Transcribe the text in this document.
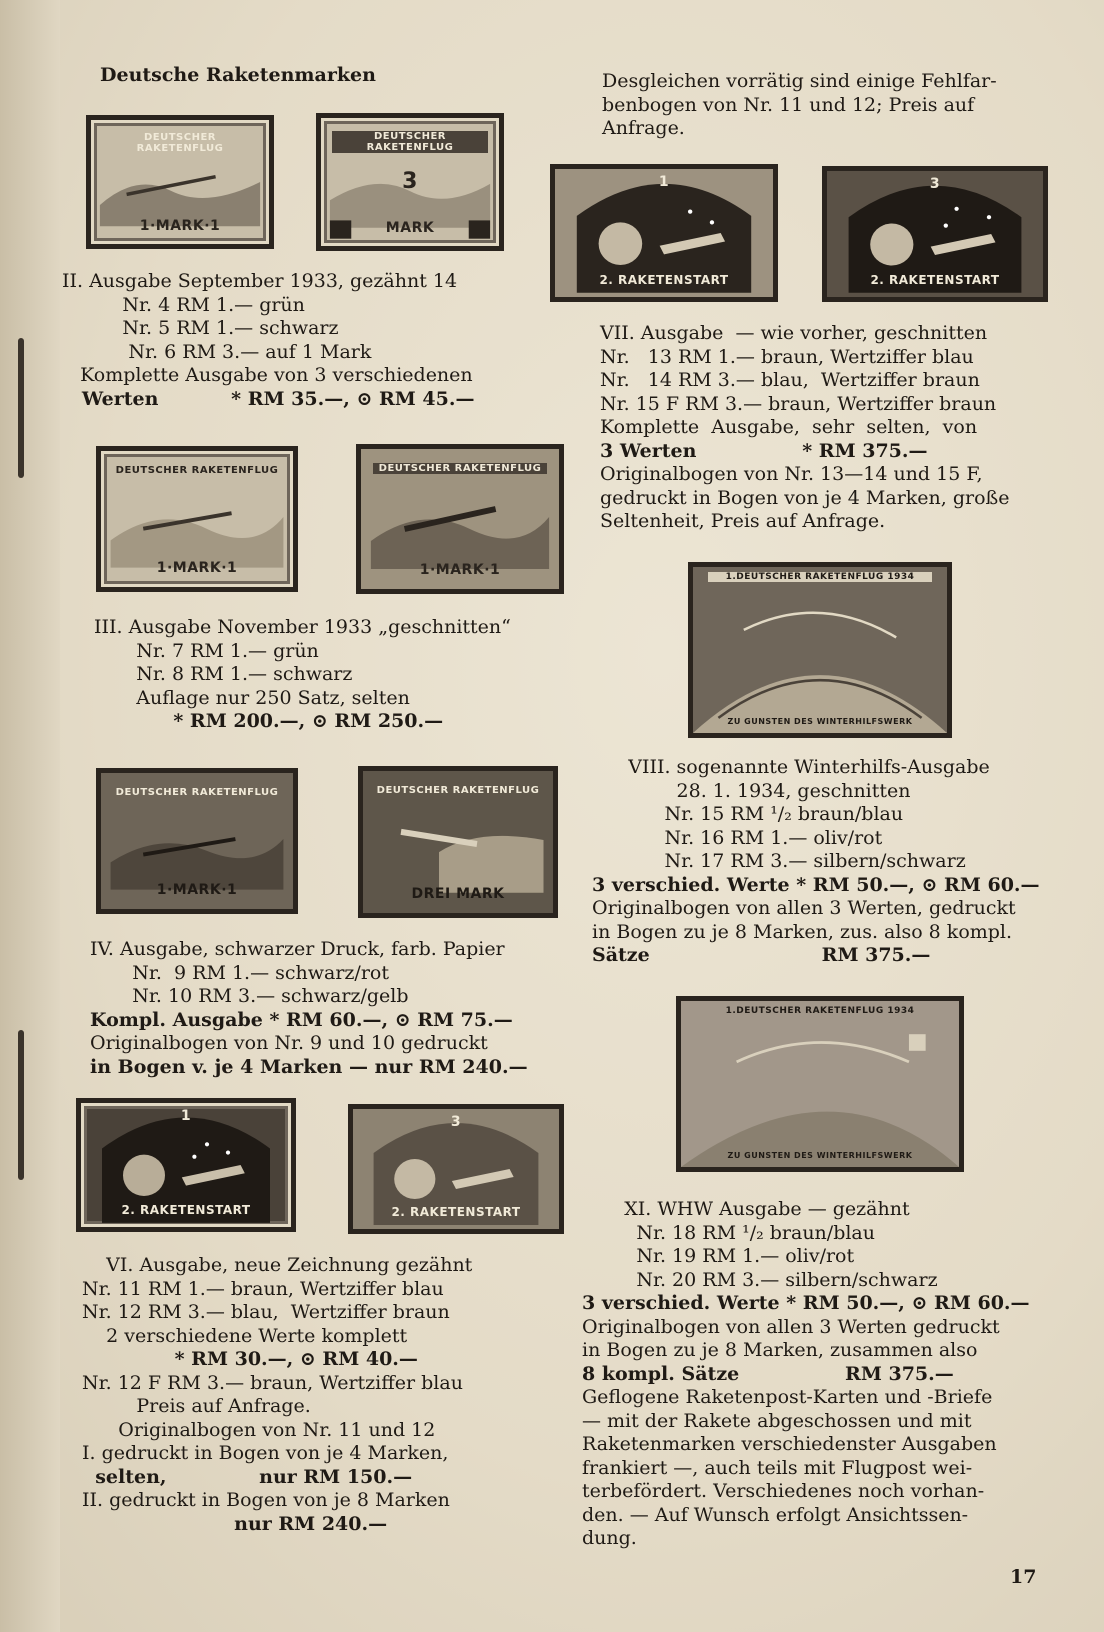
Deutsche Raketenmarken
DEUTSCHER RAKETENFLUG
1·MARK·1
DEUTSCHER RAKETENFLUG
3
MARK
DEUTSCHER RAKETENFLUG
1·MARK·1
DEUTSCHER RAKETENFLUG
1·MARK·1
DEUTSCHER RAKETENFLUG
1·MARK·1
DEUTSCHER RAKETENFLUG
DREI MARK
1
2. RAKETENSTART
3
2. RAKETENSTART
1
2. RAKETENSTART
3
2. RAKETENSTART
1.DEUTSCHER RAKETENFLUG 1934
ZU GUNSTEN DES WINTERHILFSWERK
1.DEUTSCHER RAKETENFLUG 1934
ZU GUNSTEN DES WINTERHILFSWERK
II. Ausgabe September 1933, gezähnt 14
Nr. 4 RM 1.— grün
Nr. 5 RM 1.— schwarz
Nr. 6 RM 3.— auf 1 Mark
Komplette Ausgabe von 3 verschiedenen
Werten           * RM 35.—, ⊙ RM 45.—
III. Ausgabe November 1933 „geschnitten“
Nr. 7 RM 1.— grün
Nr. 8 RM 1.— schwarz
Auflage nur 250 Satz, selten
* RM 200.—, ⊙ RM 250.—
IV. Ausgabe, schwarzer Druck, farb. Papier
Nr.  9 RM 1.— schwarz/rot
Nr. 10 RM 3.— schwarz/gelb
Kompl. Ausgabe * RM 60.—, ⊙ RM 75.—
Originalbogen von Nr. 9 und 10 gedruckt
in Bogen v. je 4 Marken — nur RM 240.—
VI. Ausgabe, neue Zeichnung gezähnt
Nr. 11 RM 1.— braun, Wertziffer blau
Nr. 12 RM 3.— blau,  Wertziffer braun
2 verschiedene Werte komplett
* RM 30.—, ⊙ RM 40.—
Nr. 12 F RM 3.— braun, Wertziffer blau
Preis auf Anfrage.
Originalbogen von Nr. 11 und 12
I. gedruckt in Bogen von je 4 Marken,
selten,              nur RM 150.—
II. gedruckt in Bogen von je 8 Marken
nur RM 240.—
Desgleichen vorrätig sind einige Fehlfar-
benbogen von Nr. 11 und 12; Preis auf
Anfrage.
VII. Ausgabe  — wie vorher, geschnitten
Nr.   13 RM 1.— braun, Wertziffer blau
Nr.   14 RM 3.— blau,  Wertziffer braun
Nr. 15 F RM 3.— braun, Wertziffer braun
Komplette  Ausgabe,  sehr  selten,  von
3 Werten                * RM 375.—
Originalbogen von Nr. 13—14 und 15 F,
gedruckt in Bogen von je 4 Marken, große
Seltenheit, Preis auf Anfrage.
VIII. sogenannte Winterhilfs-Ausgabe
28. 1. 1934, geschnitten
Nr. 15 RM ¹/₂ braun/blau
Nr. 16 RM 1.— oliv/rot
Nr. 17 RM 3.— silbern/schwarz
3 verschied. Werte * RM 50.—, ⊙ RM 60.—
Originalbogen von allen 3 Werten, gedruckt
in Bogen zu je 8 Marken, zus. also 8 kompl.
Sätze                          RM 375.—
XI. WHW Ausgabe — gezähnt
Nr. 18 RM ¹/₂ braun/blau
Nr. 19 RM 1.— oliv/rot
Nr. 20 RM 3.— silbern/schwarz
3 verschied. Werte * RM 50.—, ⊙ RM 60.—
Originalbogen von allen 3 Werten gedruckt
in Bogen zu je 8 Marken, zusammen also
8 kompl. Sätze                RM 375.—
Geflogene Raketenpost-Karten und -Briefe
— mit der Rakete abgeschossen und mit
Raketenmarken verschiedenster Ausgaben
frankiert —, auch teils mit Flugpost wei-
terbefördert. Verschiedenes noch vorhan-
den. — Auf Wunsch erfolgt Ansichtssen-
dung.
17
